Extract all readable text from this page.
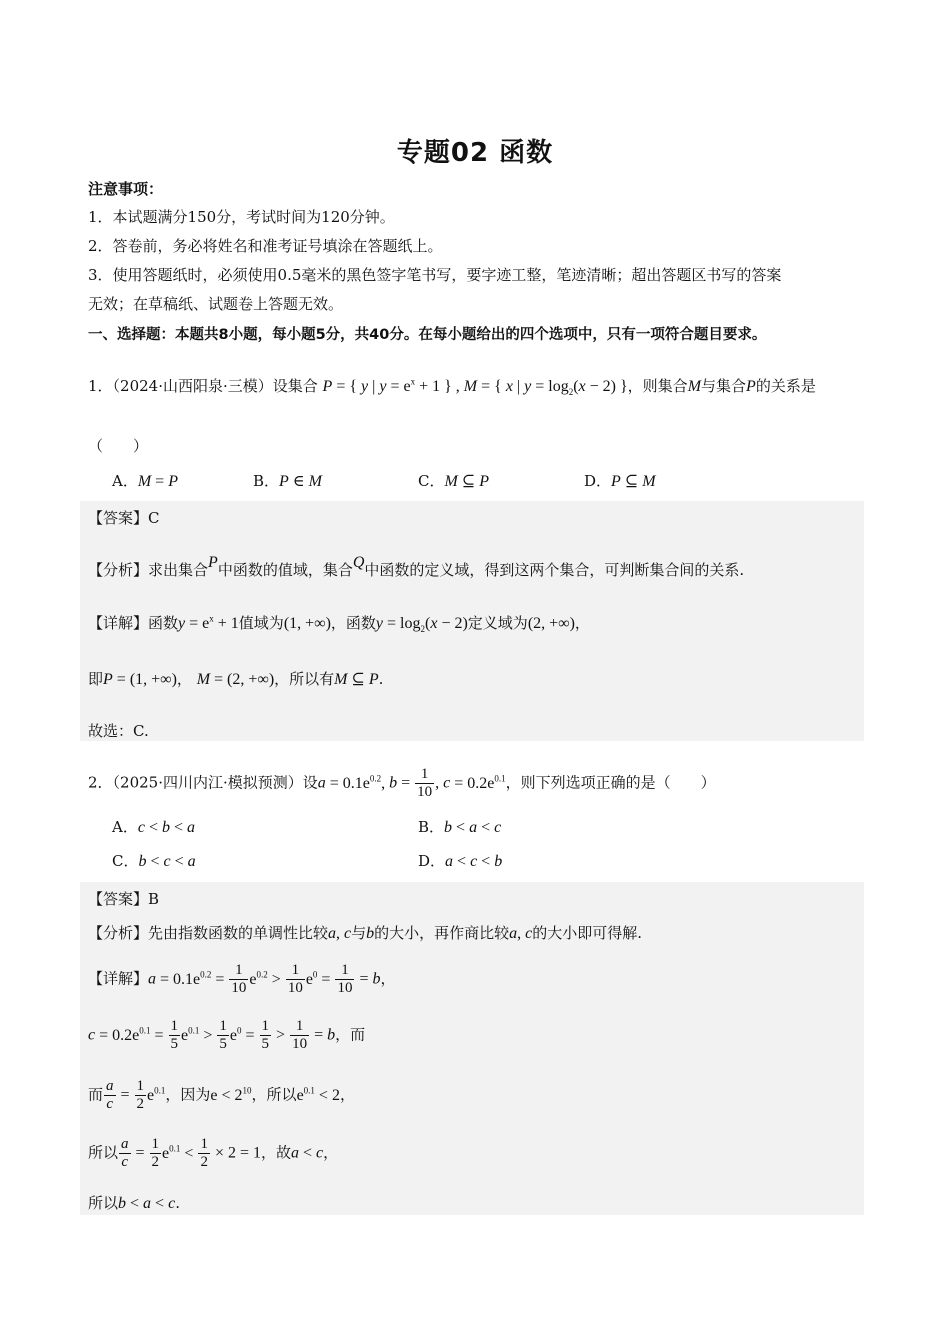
专题02 函数
注意事项：
1．本试题满分150分，考试时间为120分钟。
2．答卷前，务必将姓名和准考证号填涂在答题纸上。
3．使用答题纸时，必须使用0.5毫米的黑色签字笔书写，要字迹工整，笔迹清晰；超出答题区书写的答案
无效；在草稿纸、试题卷上答题无效。
一、选择题：本题共8小题，每小题5分，共40分。在每小题给出的四个选项中，只有一项符合题目要求。
1．（2024·山西阳泉·三模）设集合 P = { y | $y = e^x + 1$ } , M = { x | $y = \log_2(x - 2)$ }，则集合M与集合P的关系是
（　　）
A．M = P	B．P ∈ M	C．M ⊆ P	D．P ⊆ M
【答案】C
【分析】求出集合P中函数的值域，集合Q中函数的定义域，得到这两个集合，可判断集合间的关系.
【详解】函数$y = e^x + 1$值域为(1, +∞)，函数$y = \log_2(x - 2)$定义域为(2, +∞)，
即P = (1, +∞)， M = (2, +∞)，所以有M ⊆ P.
故选：C.
2．（2025·四川内江·模拟预测）设$a = 0.1e^{0.2}$, $b = \frac{1}{10}$ , $c = 0.2e^{0.1}$，则下列选项正确的是（　　）
A．c < b < a	B．b < a < c
C．b < c < a	D．a < c < b
【答案】B
【分析】先由指数函数的单调性比较a, c与b的大小，再作商比较a, c的大小即可得解.
【详解】$a = 0.1e^{0.2} = \frac{1}{10} e^{0.2} > \frac{1}{10} e^0 = \frac{1}{10} = b$，
$c = 0.2e^{0.1} = \frac{1}{5} e^{0.1} > \frac{1}{5} e^0 = \frac{1}{5} > \frac{1}{10} = b$，而
而 $\frac{a}{c} = \frac{1}{2} e^{0.1}$，因为$e < 2^{10}$，所以$e^{0.1} < 2$，
所以 $\frac{a}{c} = \frac{1}{2} e^{0.1} < \frac{1}{2} \times 2 = 1$，故a < c，
所以b < a < c.
